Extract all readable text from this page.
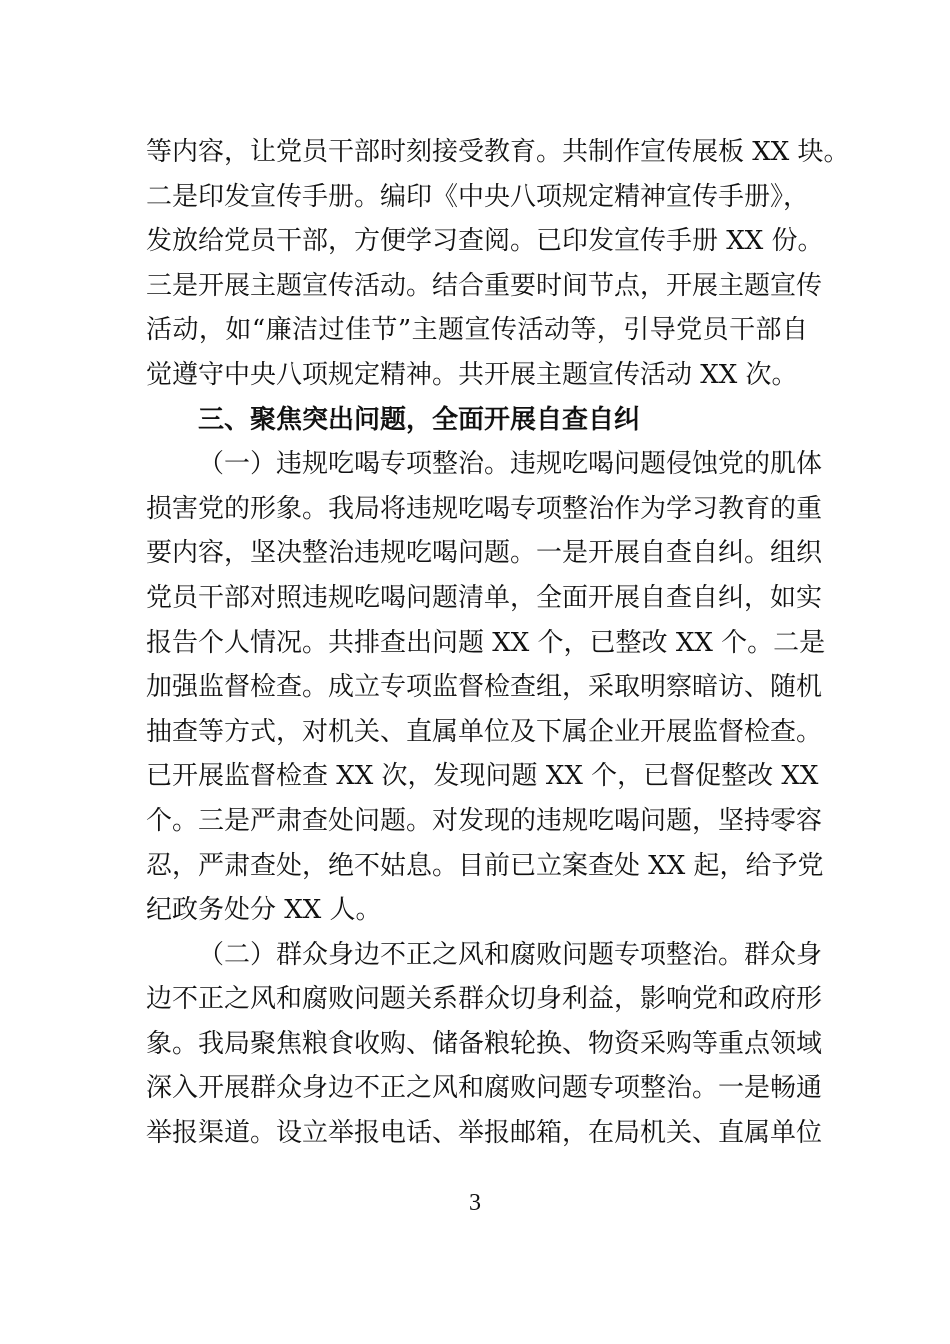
等内容，让党员干部时刻接受教育。共制作宣传展板 XX 块。
二是印发宣传手册。编印《中央八项规定精神宣传手册》，
发放给党员干部，方便学习查阅。已印发宣传手册 XX 份。
三是开展主题宣传活动。结合重要时间节点，开展主题宣传
活动，如“廉洁过佳节”主题宣传活动等，引导党员干部自
觉遵守中央八项规定精神。共开展主题宣传活动 XX 次。
三、聚焦突出问题，全面开展自查自纠
（一）违规吃喝专项整治。违规吃喝问题侵蚀党的肌体
损害党的形象。我局将违规吃喝专项整治作为学习教育的重
要内容，坚决整治违规吃喝问题。一是开展自查自纠。组织
党员干部对照违规吃喝问题清单，全面开展自查自纠，如实
报告个人情况。共排查出问题 XX 个，已整改 XX 个。二是
加强监督检查。成立专项监督检查组，采取明察暗访、随机
抽查等方式，对机关、直属单位及下属企业开展监督检查。
已开展监督检查 XX 次，发现问题 XX 个，已督促整改 XX
个。三是严肃查处问题。对发现的违规吃喝问题，坚持零容
忍，严肃查处，绝不姑息。目前已立案查处 XX 起，给予党
纪政务处分 XX 人。
（二）群众身边不正之风和腐败问题专项整治。群众身
边不正之风和腐败问题关系群众切身利益，影响党和政府形
象。我局聚焦粮食收购、储备粮轮换、物资采购等重点领域
深入开展群众身边不正之风和腐败问题专项整治。一是畅通
举报渠道。设立举报电话、举报邮箱，在局机关、直属单位
3
